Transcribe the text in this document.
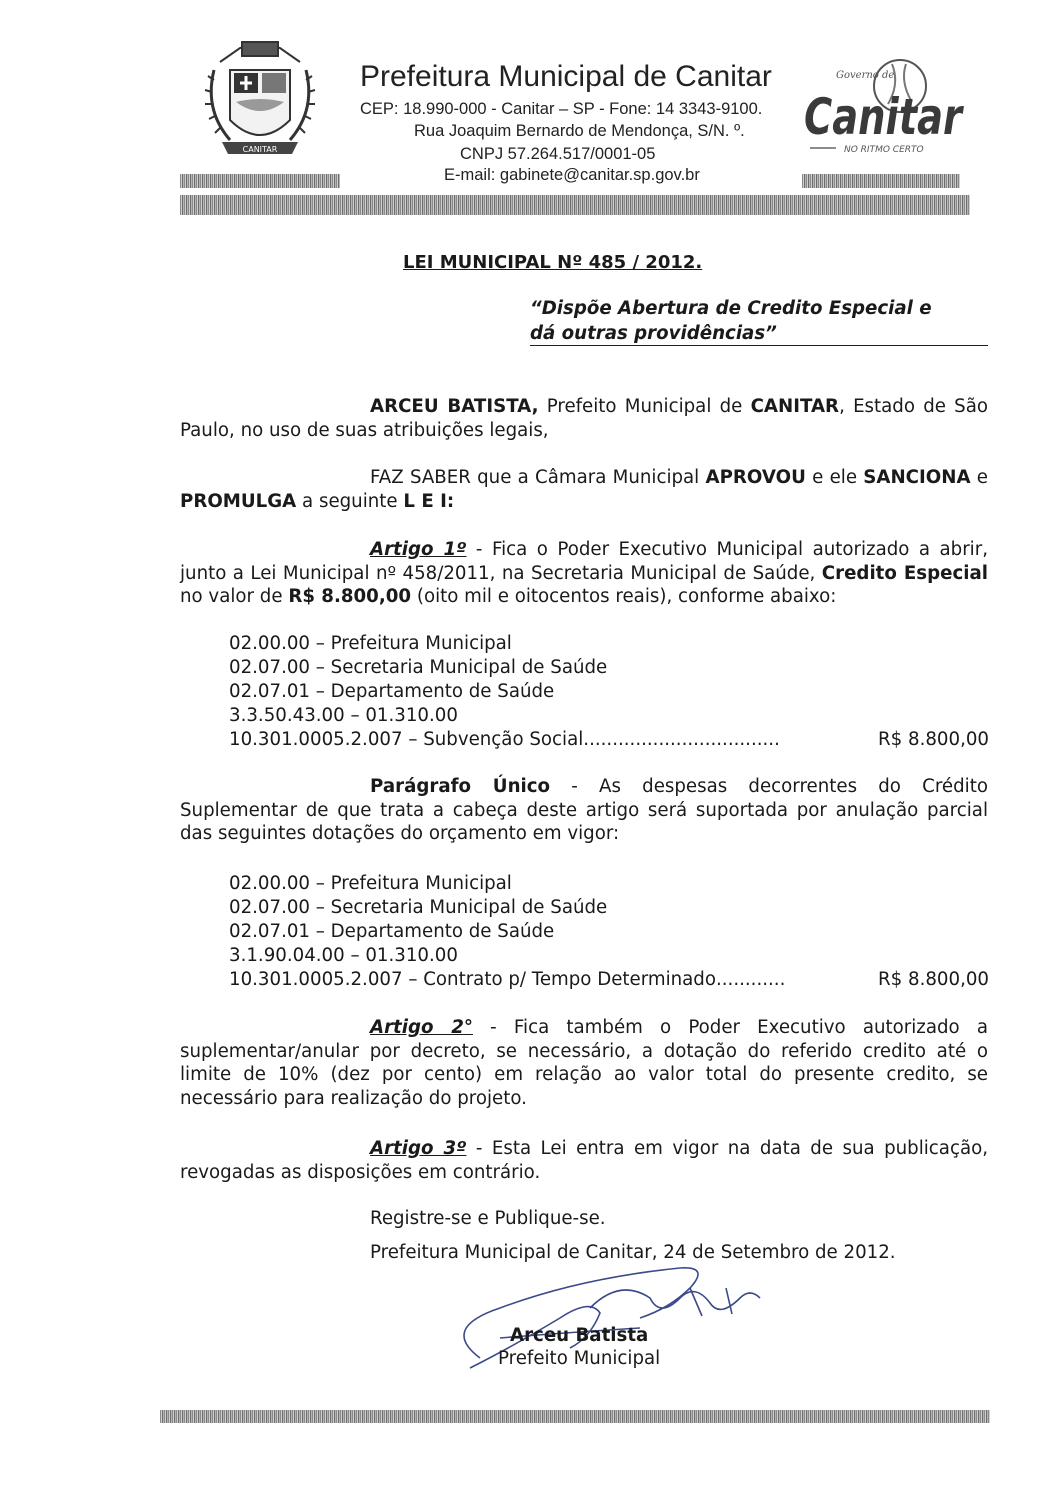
CANITAR
Prefeitura Municipal de Canitar
CEP: 18.990-000 - Canitar – SP - Fone: 14 3343-9100.
Rua Joaquim Bernardo de Mendonça, S/N. º.
CNPJ 57.264.517/0001-05
E-mail: gabinete@canitar.sp.gov.br
Governo de
Canitar
NO RITMO CERTO
LEI MUNICIPAL Nº 485 / 2012.
“Dispõe Abertura de Credito Especial e
dá outras providências”
ARCEU BATISTA, Prefeito Municipal de CANITAR, Estado de São Paulo, no uso de suas atribuições legais,
FAZ SABER que a Câmara Municipal APROVOU e ele SANCIONA e PROMULGA a seguinte L E I:
Artigo 1º - Fica o Poder Executivo Municipal autorizado a abrir, junto a Lei Municipal nº 458/2011, na Secretaria Municipal de Saúde, Credito Especial no valor de R$ 8.800,00 (oito mil e oitocentos reais), conforme abaixo:
02.00.00 – Prefeitura Municipal
02.07.00 – Secretaria Municipal de Saúde
02.07.01 – Departamento de Saúde
3.3.50.43.00 – 01.310.00
10.301.0005.2.007 – Subvenção Social ..................................	R$ 8.800,00
Parágrafo Único - As despesas decorrentes do Crédito Suplementar de que trata a cabeça deste artigo será suportada por anulação parcial das seguintes dotações do orçamento em vigor:
02.00.00 – Prefeitura Municipal
02.07.00 – Secretaria Municipal de Saúde
02.07.01 – Departamento de Saúde
3.1.90.04.00 – 01.310.00
10.301.0005.2.007 – Contrato p/ Tempo Determinado ............	R$ 8.800,00
Artigo 2° - Fica também o Poder Executivo autorizado a suplementar/anular por decreto, se necessário, a dotação do referido credito até o limite de 10% (dez por cento) em relação ao valor total do presente credito, se necessário para realização do projeto.
Artigo 3º - Esta Lei entra em vigor na data de sua publicação, revogadas as disposições em contrário.
Registre-se e Publique-se.
Prefeitura Municipal de Canitar, 24 de Setembro de 2012.
Arceu Batista
Prefeito Municipal
